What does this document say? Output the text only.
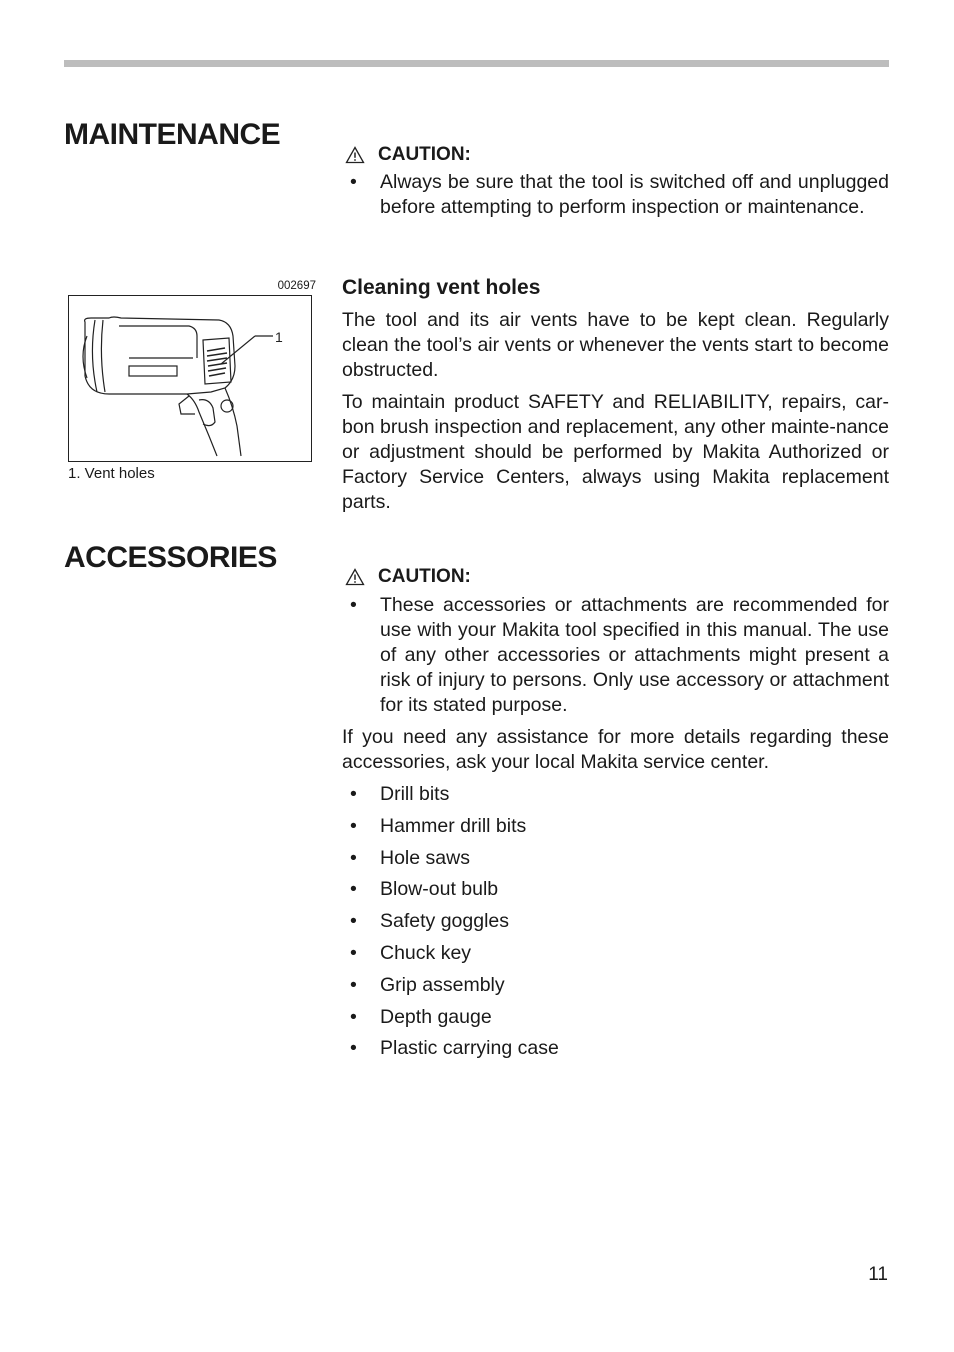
MAINTENANCE
CAUTION:
• Always be sure that the tool is switched off and unplugged before attempting to perform inspection or maintenance.
002697
1
1. Vent holes
Cleaning vent holes

The tool and its air vents have to be kept clean. Regularly clean the tool’s air vents or whenever the vents start to become obstructed.

To maintain product SAFETY and RELIABILITY, repairs, car-bon brush inspection and replacement, any other mainte-nance or adjustment should be performed by Makita Authorized or Factory Service Centers, always using Makita replacement parts.

ACCESSORIES
CAUTION:
• These accessories or attachments are recommended for use with your Makita tool specified in this manual. The use of any other accessories or attachments might present a risk of injury to persons. Only use accessory or attachment for its stated purpose.

If you need any assistance for more details regarding these accessories, ask your local Makita service center.

• Drill bits
• Hammer drill bits
• Hole saws
• Blow-out bulb
• Safety goggles
• Chuck key
• Grip assembly
• Depth gauge
• Plastic carrying case
11
